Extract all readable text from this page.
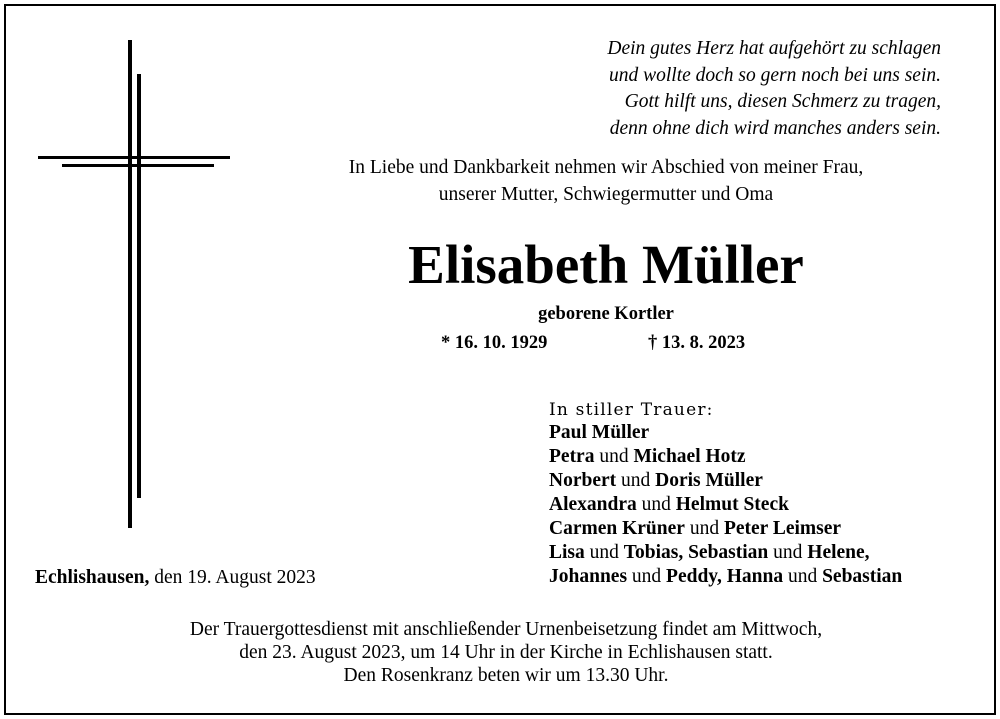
Dein gutes Herz hat aufgehört zu schlagen
und wollte doch so gern noch bei uns sein.
Gott hilft uns, diesen Schmerz zu tragen,
denn ohne dich wird manches anders sein.
In Liebe und Dankbarkeit nehmen wir Abschied von meiner Frau,
unserer Mutter, Schwiegermutter und Oma
Elisabeth Müller
geborene Kortler
* 16. 10. 1929	† 13. 8. 2023
In stiller Trauer:
Paul Müller
Petra und Michael Hotz
Norbert und Doris Müller
Alexandra und Helmut Steck
Carmen Krüner und Peter Leimser
Lisa und Tobias, Sebastian und Helene,
Johannes und Peddy, Hanna und Sebastian
Echlishausen, den 19. August 2023
Der Trauergottesdienst mit anschließender Urnenbeisetzung findet am Mittwoch,
den 23. August 2023, um 14 Uhr in der Kirche in Echlishausen statt.
Den Rosenkranz beten wir um 13.30 Uhr.
